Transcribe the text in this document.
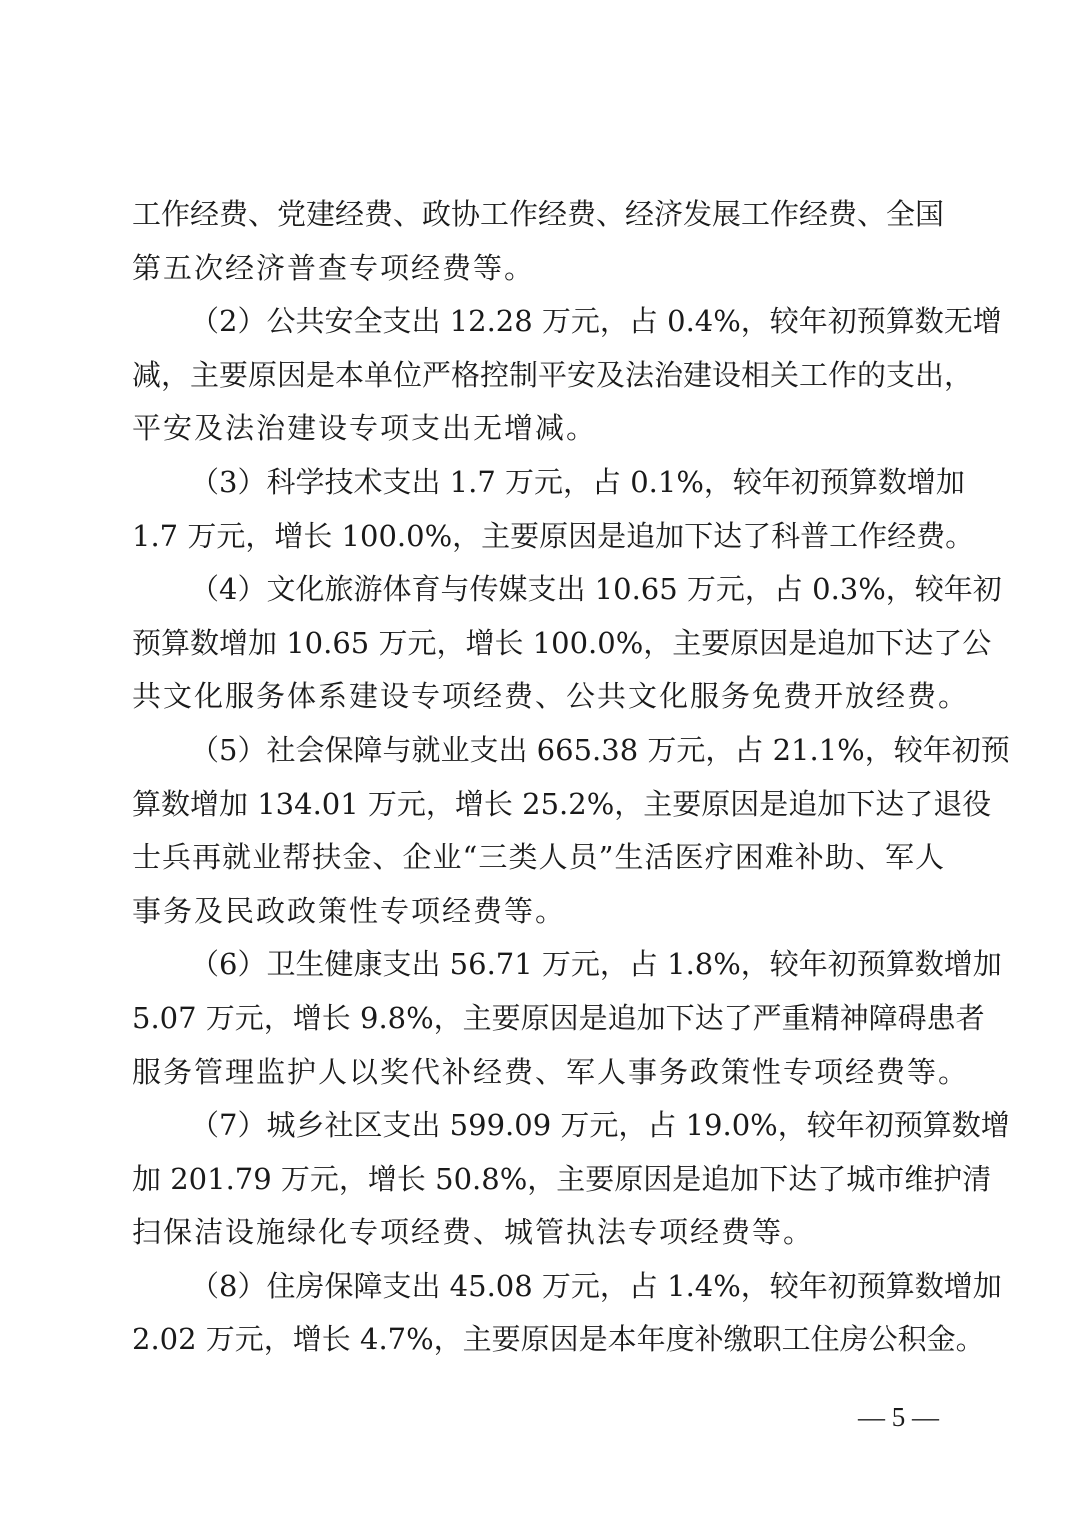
工作经费、党建经费、政协工作经费、经济发展工作经费、全国
第五次经济普查专项经费等。
（2）公共安全支出 12.28 万元，占 0.4%，较年初预算数无增
减，主要原因是本单位严格控制平安及法治建设相关工作的支出，
平安及法治建设专项支出无增减。
（3）科学技术支出 1.7 万元，占 0.1%，较年初预算数增加
1.7 万元，增长 100.0%，主要原因是追加下达了科普工作经费。
（4）文化旅游体育与传媒支出 10.65 万元，占 0.3%，较年初
预算数增加 10.65 万元，增长 100.0%，主要原因是追加下达了公
共文化服务体系建设专项经费、公共文化服务免费开放经费。
（5）社会保障与就业支出 665.38 万元，占 21.1%，较年初预
算数增加 134.01 万元，增长 25.2%，主要原因是追加下达了退役
士兵再就业帮扶金、企业“三类人员”生活医疗困难补助、军人
事务及民政政策性专项经费等。
（6）卫生健康支出 56.71 万元，占 1.8%，较年初预算数增加
5.07 万元，增长 9.8%，主要原因是追加下达了严重精神障碍患者
服务管理监护人以奖代补经费、军人事务政策性专项经费等。
（7）城乡社区支出 599.09 万元，占 19.0%，较年初预算数增
加 201.79 万元，增长 50.8%，主要原因是追加下达了城市维护清
扫保洁设施绿化专项经费、城管执法专项经费等。
（8）住房保障支出 45.08 万元，占 1.4%，较年初预算数增加
2.02 万元，增长 4.7%，主要原因是本年度补缴职工住房公积金。
— 5 —
